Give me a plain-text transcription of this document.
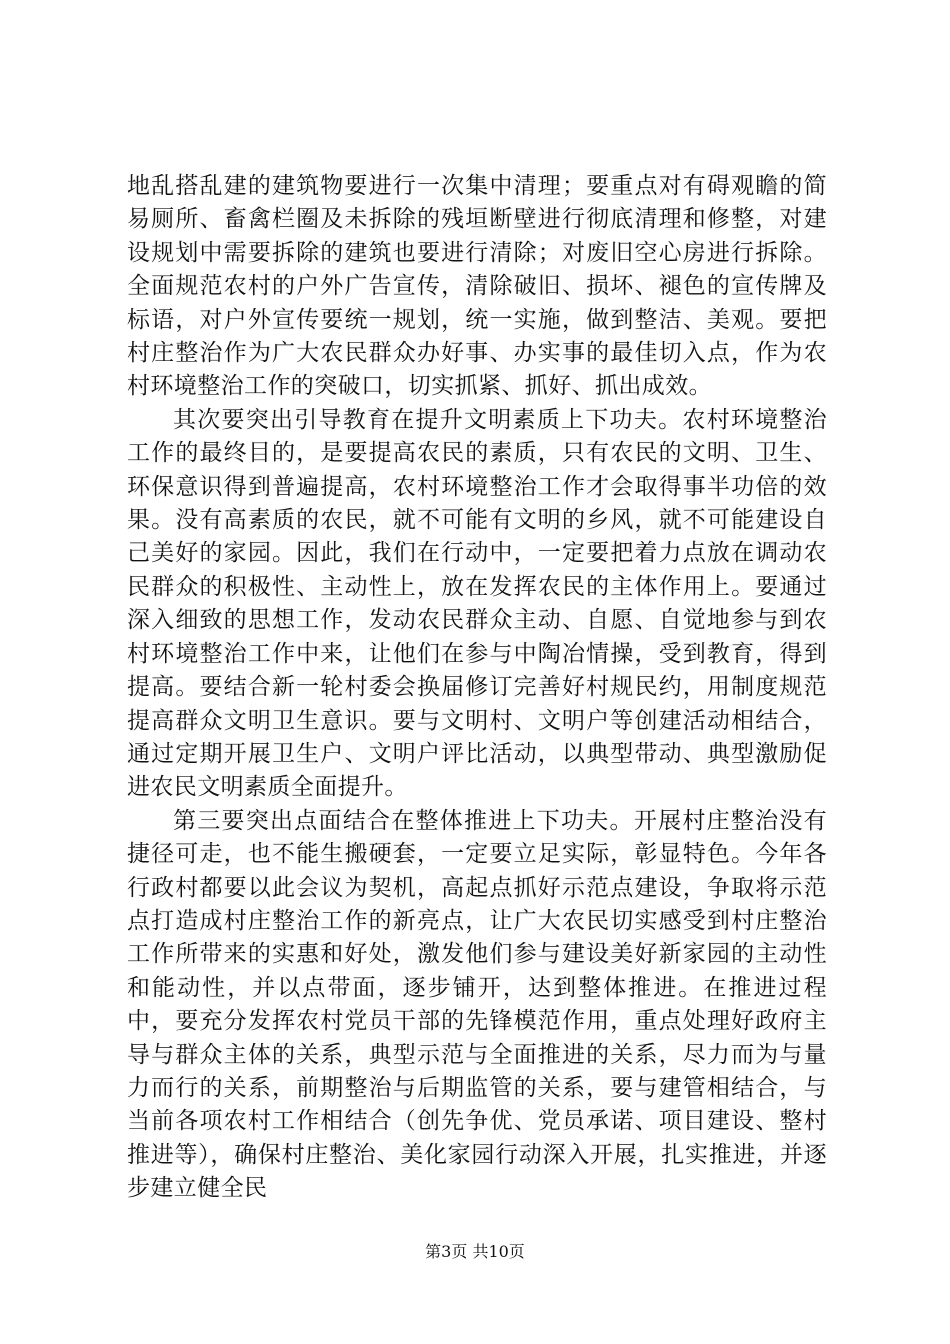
地乱搭乱建的建筑物要进行一次集中清理；要重点对有碍观瞻的简易厕所、畜禽栏圈及未拆除的残垣断壁进行彻底清理和修整，对建设规划中需要拆除的建筑也要进行清除；对废旧空心房进行拆除。全面规范农村的户外广告宣传，清除破旧、损坏、褪色的宣传牌及标语，对户外宣传要统一规划，统一实施，做到整洁、美观。要把村庄整治作为广大农民群众办好事、办实事的最佳切入点，作为农村环境整治工作的突破口，切实抓紧、抓好、抓出成效。

其次要突出引导教育在提升文明素质上下功夫。农村环境整治工作的最终目的，是要提高农民的素质，只有农民的文明、卫生、环保意识得到普遍提高，农村环境整治工作才会取得事半功倍的效果。没有高素质的农民，就不可能有文明的乡风，就不可能建设自己美好的家园。因此，我们在行动中，一定要把着力点放在调动农民群众的积极性、主动性上，放在发挥农民的主体作用上。要通过深入细致的思想工作，发动农民群众主动、自愿、自觉地参与到农村环境整治工作中来，让他们在参与中陶冶情操，受到教育，得到提高。要结合新一轮村委会换届修订完善好村规民约，用制度规范提高群众文明卫生意识。要与文明村、文明户等创建活动相结合，通过定期开展卫生户、文明户评比活动，以典型带动、典型激励促进农民文明素质全面提升。

第三要突出点面结合在整体推进上下功夫。开展村庄整治没有捷径可走，也不能生搬硬套，一定要立足实际，彰显特色。今年各行政村都要以此会议为契机，高起点抓好示范点建设，争取将示范点打造成村庄整治工作的新亮点，让广大农民切实感受到村庄整治工作所带来的实惠和好处，激发他们参与建设美好新家园的主动性和能动性，并以点带面，逐步铺开，达到整体推进。在推进过程中，要充分发挥农村党员干部的先锋模范作用，重点处理好政府主导与群众主体的关系，典型示范与全面推进的关系，尽力而为与量力而行的关系，前期整治与后期监管的关系，要与建管相结合，与当前各项农村工作相结合（创先争优、党员承诺、项目建设、整村推进等），确保村庄整治、美化家园行动深入开展，扎实推进，并逐步建立健全民

第3页 共10页
